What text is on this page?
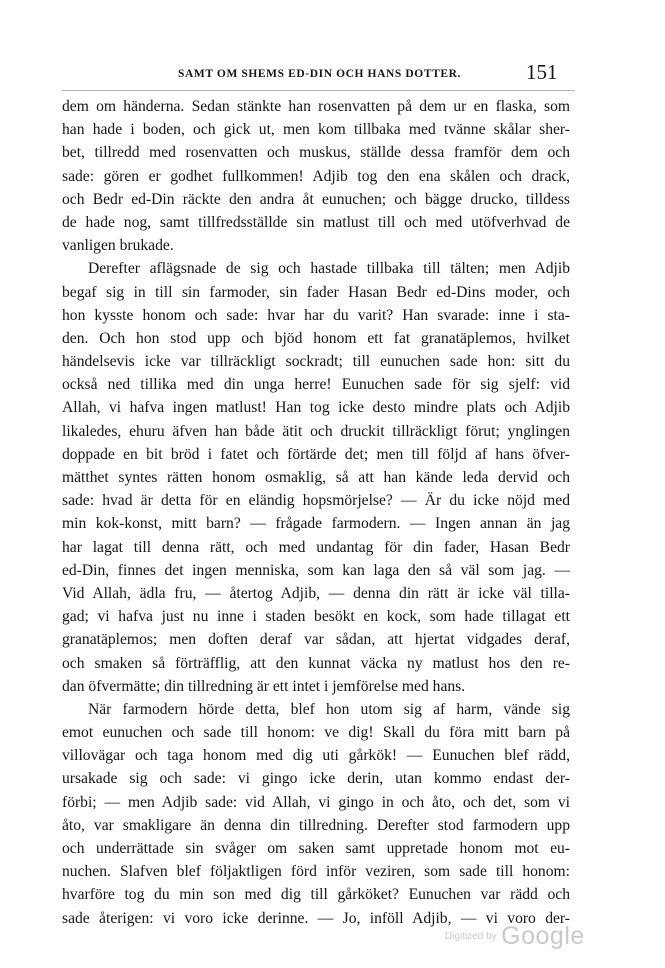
SAMT OM SHEMS ED-DIN OCH HANS DOTTER.	151
dem om händerna. Sedan stänkte han rosenvatten på dem ur en flaska, som
han hade i boden, och gick ut, men kom tillbaka med tvänne skålar sher-
bet, tillredd med rosenvatten och muskus, ställde dessa framför dem och
sade: gören er godhet fullkommen! Adjib tog den ena skålen och drack,
och Bedr ed-Din räckte den andra åt eunuchen; och bägge drucko, tilldess
de hade nog, samt tillfredsställde sin matlust till och med utöfverhvad de
vanligen brukade.
Derefter aflägsnade de sig och hastade tillbaka till tälten; men Adjib
begaf sig in till sin farmoder, sin fader Hasan Bedr ed-Dins moder, och
hon kysste honom och sade: hvar har du varit? Han svarade: inne i sta-
den. Och hon stod upp och bjöd honom ett fat granatäplemos, hvilket
händelsevis icke var tillräckligt sockradt; till eunuchen sade hon: sitt du
också ned tillika med din unga herre! Eunuchen sade för sig sjelf: vid
Allah, vi hafva ingen matlust! Han tog icke desto mindre plats och Adjib
likaledes, ehuru äfven han både ätit och druckit tillräckligt förut; ynglingen
doppade en bit bröd i fatet och förtärde det; men till följd af hans öfver-
mätthet syntes rätten honom osmaklig, så att han kände leda dervid och
sade: hvad är detta för en eländig hopsmörjelse? — Är du icke nöjd med
min kok-konst, mitt barn? — frågade farmodern. — Ingen annan än jag
har lagat till denna rätt, och med undantag för din fader, Hasan Bedr
ed-Din, finnes det ingen menniska, som kan laga den så väl som jag. —
Vid Allah, ädla fru, — återtog Adjib, — denna din rätt är icke väl tilla-
gad; vi hafva just nu inne i staden besökt en kock, som hade tillagat ett
granatäplemos; men doften deraf var sådan, att hjertat vidgades deraf,
och smaken så förträfflig, att den kunnat väcka ny matlust hos den re-
dan öfvermätte; din tillredning är ett intet i jemförelse med hans.
När farmodern hörde detta, blef hon utom sig af harm, vände sig
emot eunuchen och sade till honom: ve dig! Skall du föra mitt barn på
villovägar och taga honom med dig uti gårkök! — Eunuchen blef rädd,
ursakade sig och sade: vi gingo icke derin, utan kommo endast der-
förbi; — men Adjib sade: vid Allah, vi gingo in och åto, och det, som vi
åto, var smakligare än denna din tillredning. Derefter stod farmodern upp
och underrättade sin svåger om saken samt uppretade honom mot eu-
nuchen. Slafven blef följaktligen förd inför veziren, som sade till honom:
hvarföre tog du min son med dig till gårköket? Eunuchen var rädd och
sade återigen: vi voro icke derinne. — Jo, inföll Adjib, — vi voro der-
Digitized by Google
